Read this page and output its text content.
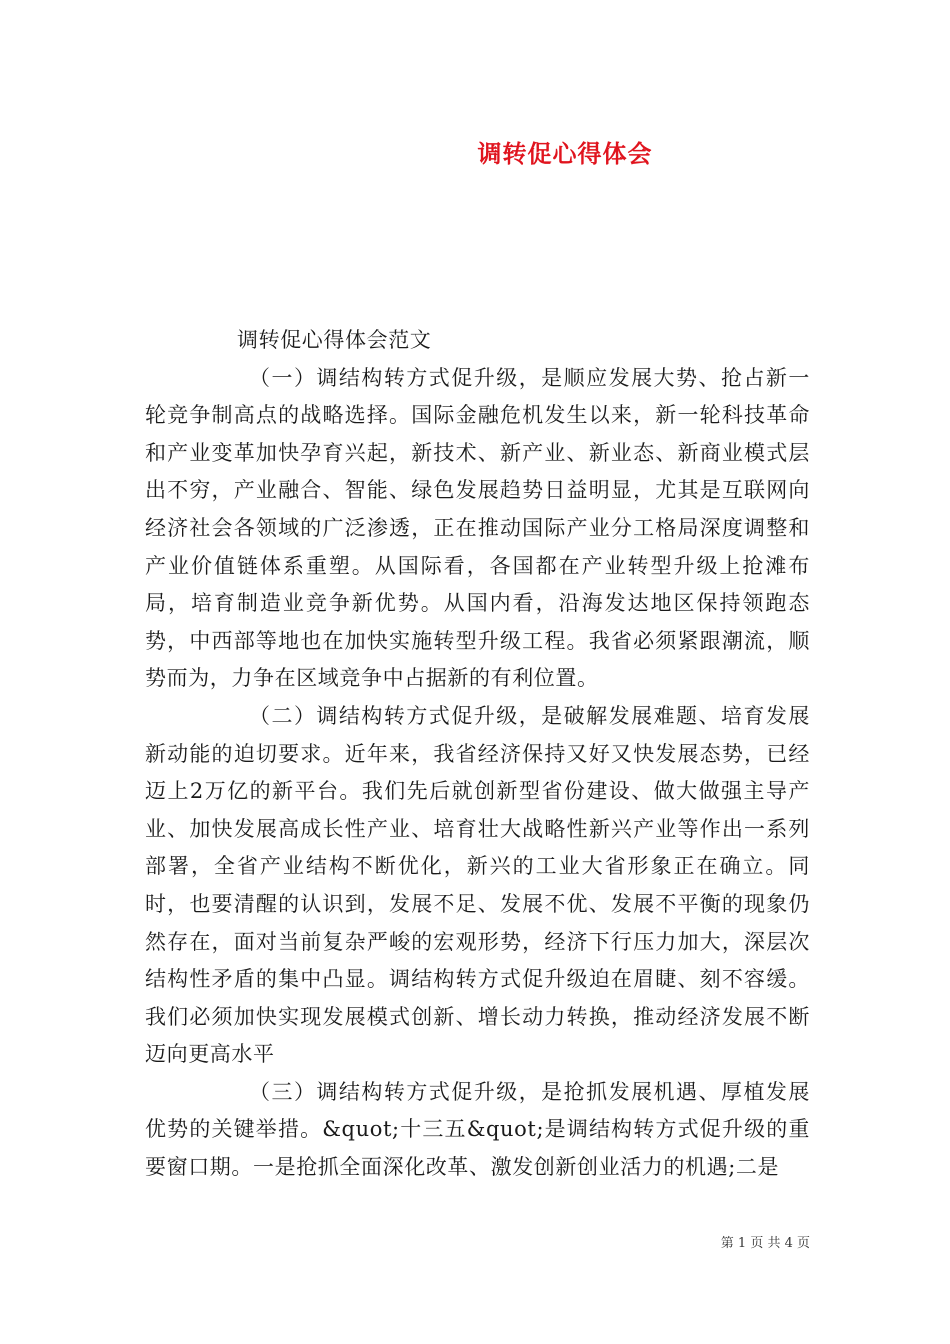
调转促心得体会

调转促心得体会范文

（一）调结构转方式促升级，是顺应发展大势、抢占新一轮竞争制高点的战略选择。国际金融危机发生以来，新一轮科技革命和产业变革加快孕育兴起，新技术、新产业、新业态、新商业模式层出不穷，产业融合、智能、绿色发展趋势日益明显，尤其是互联网向经济社会各领域的广泛渗透，正在推动国际产业分工格局深度调整和产业价值链体系重塑。从国际看，各国都在产业转型升级上抢滩布局，培育制造业竞争新优势。从国内看，沿海发达地区保持领跑态势，中西部等地也在加快实施转型升级工程。我省必须紧跟潮流，顺势而为，力争在区域竞争中占据新的有利位置。

（二）调结构转方式促升级，是破解发展难题、培育发展新动能的迫切要求。近年来，我省经济保持又好又快发展态势，已经迈上2万亿的新平台。我们先后就创新型省份建设、做大做强主导产业、加快发展高成长性产业、培育壮大战略性新兴产业等作出一系列部署，全省产业结构不断优化，新兴的工业大省形象正在确立。同时，也要清醒的认识到，发展不足、发展不优、发展不平衡的现象仍然存在，面对当前复杂严峻的宏观形势，经济下行压力加大，深层次结构性矛盾的集中凸显。调结构转方式促升级迫在眉睫、刻不容缓。我们必须加快实现发展模式创新、增长动力转换，推动经济发展不断迈向更高水平

（三）调结构转方式促升级，是抢抓发展机遇、厚植发展优势的关键举措。&quot;十三五&quot;是调结构转方式促升级的重要窗口期。一是抢抓全面深化改革、激发创新创业活力的机遇;二是

第 1 页 共 4 页
